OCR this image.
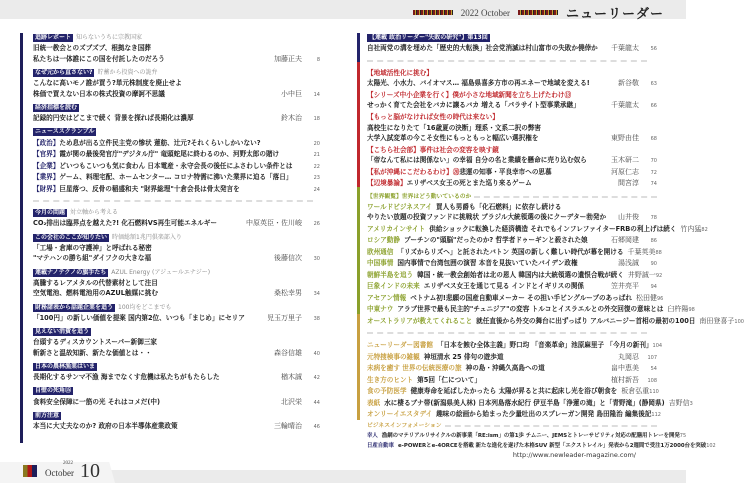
2022 October	ニューリーダー
追跡レポート 知らないうちに宗教国家
旧統一教会とのズブズブ、根拠なき国葬
私たちは一体誰にこの国を付託したのだろう	加藤正夫	8
なぜ元から直さない? 貯蓄から投資への詭弁
こんなに高いモノ誰が買う?単元株制度を廃止せよ
株価で買えない日本の株式投資の摩訶不思議	小中巨	14
経済指標を読む
記録的円安はどこまで続く 背景を探れば長期化は濃厚	鈴木治	18
ニューススクランブル
【政治】ため息が出る立件民主党の惨状 蓮舫、辻元?それくらいしかいない?	20
【官界】霞が関の最後発官庁"デジタル庁" 竜頭蛇尾に終わるのか、河野太郎の賭け	21
【企業】どいつもこいつも気に食わん 日本電産・永守会長の後任にふさわしい条件とは	22
【業界】ゲーム、料理宅配、ホームセンター… コロナ特需に沸いた業界に迫る「落日」	23
【財界】巨星落つ、反骨の稲盛和夫 "財界総理"十倉会長は骨太発言を	24
今月の問題 対立軸から考える
CO₂排出は臨界点を越えた?! 化石燃料VS再生可能エネルギー	中原英臣・佐川峻	26
この会社のここが知りたい 時価総額1兆円倶楽部入り
「工場・倉庫の守護神」と呼ばれる秘密
"マテハンの勝ち組"ダイフクの大きな福	後藤信次	30
連載ナノテクノの旗手たち AZUL Energy (アジュールエナジー)
高騰するレアメタルの代替素材として注目
空気電池、燃料電池用のAZUL触媒に挑む	桑松幸男	34
財務諸表から話題企業を追う 100均をどこまでも
「100円」の新しい価値を提案 国内第2位、いつも「まじめ」にセリア	児玉万里子	38
見えない消費を追う
台頭するディスカウントスーパー新御三家
斬新さと温故知新、新たな価値とは・・	森谷信雄	40
日本の農林漁業はいま
長期化するサンマ不漁 海までなくす危機は私たちがもたらした	楢木誠	42
自壁の死角⑮
食料安全保障に一筋の光 それはコメだ(中)	北沢栄	44
前方注意
本当に大丈夫なのか? 政府の日本半導体産業政策	三輪晴治	46
【連載 政治リーダー"失敗の研究"】第13回
自社両党の溝を埋めた「歴史的大転換」社会党消滅は村山富市の失敗か僥倖か	千葉龍太	56
【地域活性化に挑む】
太陽光、小水力、バイオマス… 福島県喜多方市の再エネーで地域を変える!	新谷敬	63
【シリーズ中小企業を行く】僕が小さな地域新聞を立ち上げたわけ⑬
せっかく育てた会社をバカに譲るバカ 増える「パラサイト型事業承継」	千葉龍太	66
【もっと脳がなければ女性の時代は来ない】
高校生になりたて「16歳夏の決断」理系・文系二択の弊害
大学入試変革の今こそ女性にもっともっと幅広い選択権を	東野由佳	68
【こちら社会部】事件は社会の変容を映す鏡
「帝なんて私には関係ない」の幸福 自分の名と業績を懸命に売り込む奴ら	玉木研二	70
【私が沖縄にこだわるわけ】⑳悲運の知事・平良幸市への思慕	河原仁志	72
【辺境暴論】エリザベス女王の死とまた巡り来るゲーム	間宮淳	74
【世界観覧】世界はどう動いているのか
ワールドビジネスアイ 買人も男爵も「化石燃料」に依存し続ける
やりたい放題の投資ファンドに挑戦状 ブラジル大統領選の後にクーデター勃発か	山井俊	78
アメリカインサイト 供給ショックに転換した経済構造 それでもインフレファイターFRBの利上げは続く 竹内猛 82
ロシア動静 プーチンの"頭脳"だったのか? 哲学者ドゥーギンと殺された娘	石郷岡建	86
欧州通信 「リズからリズへ」と託されたバトン 英国の新しく難しい時代が幕を開ける 千葉英美 88
中国事情 国内事情で台湾包囲の演習 本音を見抜いていたバイデン政権	湯浅誠	90
朝鮮半島を追う 韓国・統一教会創始者は北の恩人 韓国内は大統領選の遺恨合戦が続く 井野誠一 92
巨象インドの未来 エリザベス女王を通じて見る インドとイギリスの関係	笠井亮平	94
アセアン情報 ベトナム初!悲願の国産自動車メーカー その担い手ビングループのあっぱれ 松田健 96
中東ナウ アラブ世界で最も民主的"チュニジア"の変容 トルコとイスラエルとの外交回復の意味とは 臼杵陽 98
オーストラリアが教えてくれること 就任直後から外交の舞台に出ずっぱり アルバニージー首相の最初の100日 南田登喜子 100
ニューリーダー図書館 「日本を蝕む全体主義」野口均 「音楽革命」池原麻里子 「今月の新刊」 104
元特捜検事の雑観 神垣清水 25 俳句の遊歩道	丸岡忍	107
未病を癒す 世界の伝統医療の旅 神の島・沖縄久高島への道	畠中恵美	54
生き方のヒント 第5回「仁について」	植村新吾	108
食の予防医学 健康寿命を延ばしたかったら 太陽が昇ると共に起床し光を浴び朝食を 板倉弘重 110
表紙 水に棲るブナ帯(新潟県美人林) 日本列島落水紀行 伊豆半島「浄蓮の滝」と「青野滝」(静岡県) 吉野信 3
オンリーイエスタデイ 趣味の絵画から始まった少量吐出のスプレーガン開発 島田隆治 編集後記 112
ビジネスインフォメーション
幸人 漁網のマテリアルリサイクルの新事業「RE:ism」の第1歩 チムニー、JEMSとトレーサビリティ対応の配膳用トレーを開発 75
日産自動車 e-POWERとe-4ORCEを搭載 新たな進化を遂げた本格SUV 新型「エクストレイル」発表から2週間で受注1万2000台を突破 102
http://www.newleader-magazine.com/
2022
October 10
